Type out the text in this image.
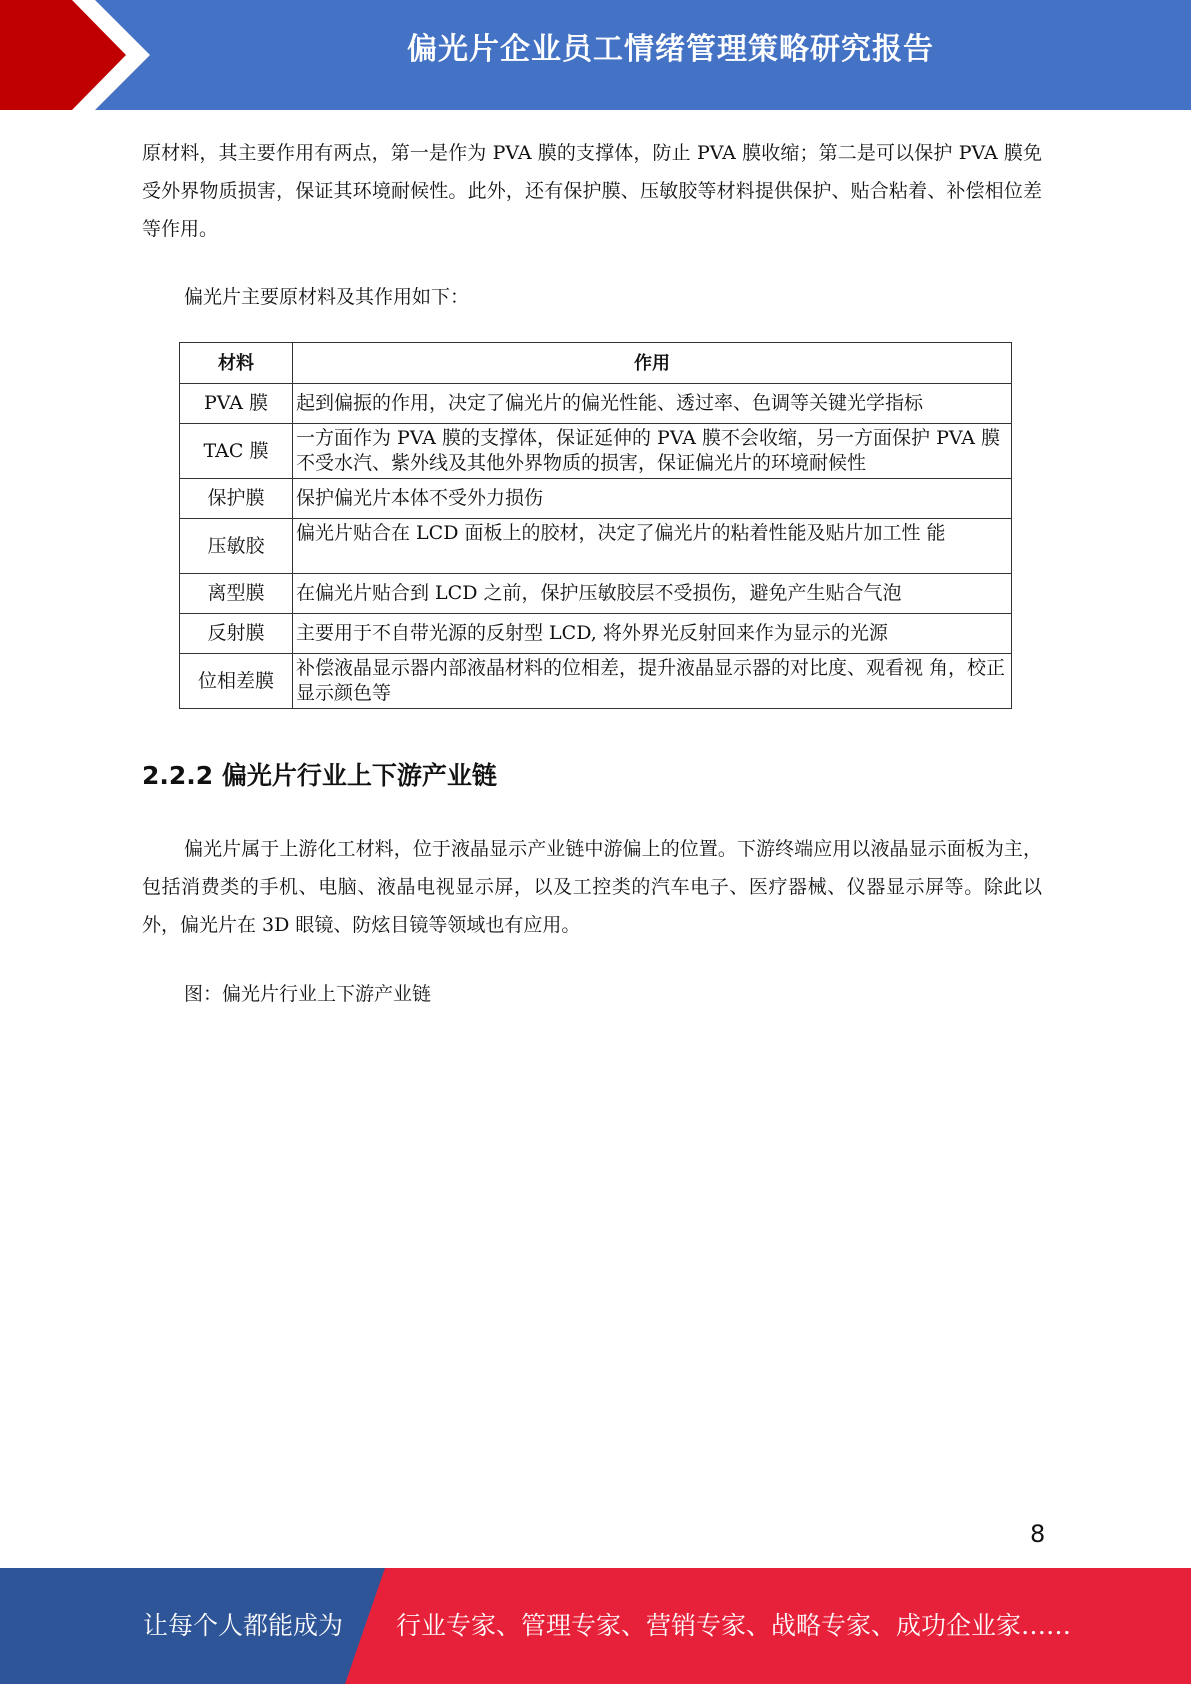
偏光片企业员工情绪管理策略研究报告

原材料，其主要作用有两点，第一是作为 PVA 膜的支撑体，防止 PVA 膜收缩；第二是可以保护 PVA 膜免受外界物质损害，保证其环境耐候性。此外，还有保护膜、压敏胶等材料提供保护、贴合粘着、补偿相位差等作用。

偏光片主要原材料及其作用如下：

材料	作用
PVA 膜	起到偏振的作用，决定了偏光片的偏光性能、透过率、色调等关键光学指标
TAC 膜	一方面作为 PVA 膜的支撑体，保证延伸的 PVA 膜不会收缩，另一方面保护 PVA 膜不受水汽、紫外线及其他外界物质的损害，保证偏光片的环境耐候性
保护膜	保护偏光片本体不受外力损伤
压敏胶	偏光片贴合在 LCD 面板上的胶材，决定了偏光片的粘着性能及贴片加工性 能
离型膜	在偏光片贴合到 LCD 之前，保护压敏胶层不受损伤，避免产生贴合气泡
反射膜	主要用于不自带光源的反射型 LCD, 将外界光反射回来作为显示的光源
位相差膜	补偿液晶显示器内部液晶材料的位相差，提升液晶显示器的对比度、观看视 角，校正显示颜色等
2.2.2 偏光片行业上下游产业链

偏光片属于上游化工材料，位于液晶显示产业链中游偏上的位置。下游终端应用以液晶显示面板为主，包括消费类的手机、电脑、液晶电视显示屏，以及工控类的汽车电子、医疗器械、仪器显示屏等。除此以外，偏光片在 3D 眼镜、防炫目镜等领域也有应用。

图：偏光片行业上下游产业链

8
让每个人都能成为 行业专家、管理专家、营销专家、战略专家、成功企业家……
